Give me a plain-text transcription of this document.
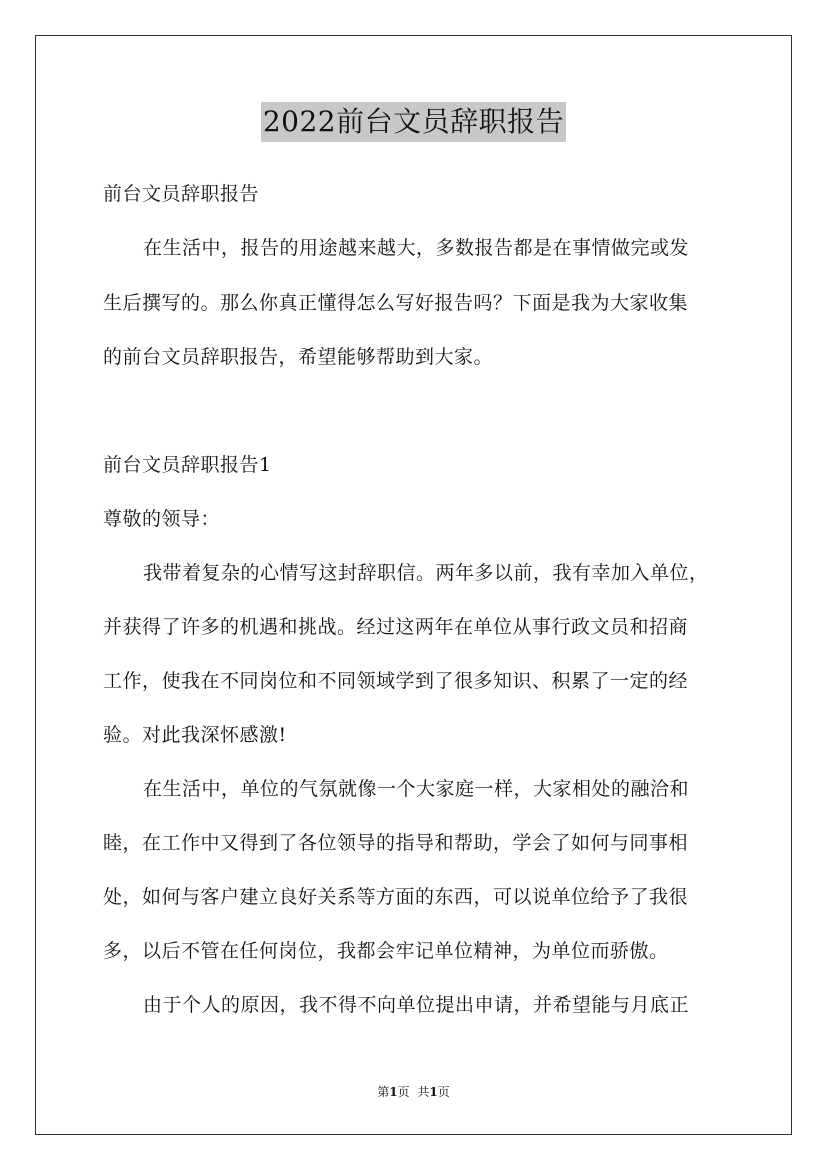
2022前台文员辞职报告
前台文员辞职报告
在生活中，报告的用途越来越大，多数报告都是在事情做完或发
生后撰写的。那么你真正懂得怎么写好报告吗？下面是我为大家收集
的前台文员辞职报告，希望能够帮助到大家。
前台文员辞职报告1
尊敬的领导：
我带着复杂的心情写这封辞职信。两年多以前，我有幸加入单位，
并获得了许多的机遇和挑战。经过这两年在单位从事行政文员和招商
工作，使我在不同岗位和不同领域学到了很多知识、积累了一定的经
验。对此我深怀感激!
在生活中，单位的气氛就像一个大家庭一样，大家相处的融洽和
睦，在工作中又得到了各位领导的指导和帮助，学会了如何与同事相
处，如何与客户建立良好关系等方面的东西，可以说单位给予了我很
多，以后不管在任何岗位，我都会牢记单位精神，为单位而骄傲。
由于个人的原因，我不得不向单位提出申请，并希望能与月底正
第1页 共1页
